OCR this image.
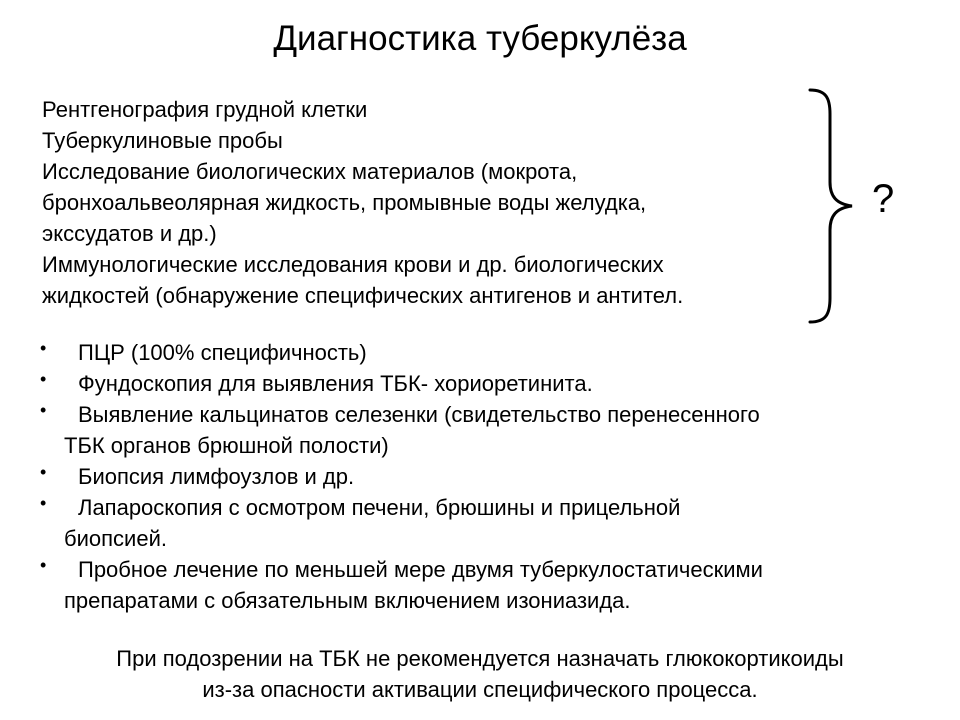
Диагностика туберкулёза
Рентгенография грудной клетки
Туберкулиновые пробы
Исследование биологических материалов (мокрота,
бронхоальвеолярная жидкость, промывные воды желудка,
экссудатов и др.)
Иммунологические исследования крови и др. биологических
жидкостей (обнаружение специфических антигенов и антител.
?
•	ПЦР (100% специфичность)
•	Фундоскопия для выявления ТБК- хориоретинита.
•	Выявление кальцинатов селезенки (свидетельство перенесенного
ТБК органов брюшной полости)
•	Биопсия лимфоузлов и др.
•	Лапароскопия с осмотром печени, брюшины и прицельной
биопсией.
•	Пробное лечение по меньшей мере двумя туберкулостатическими
препаратами с обязательным включением изониазида.
При подозрении на ТБК не рекомендуется назначать глюкокортикоиды
из-за опасности активации специфического процесса.
